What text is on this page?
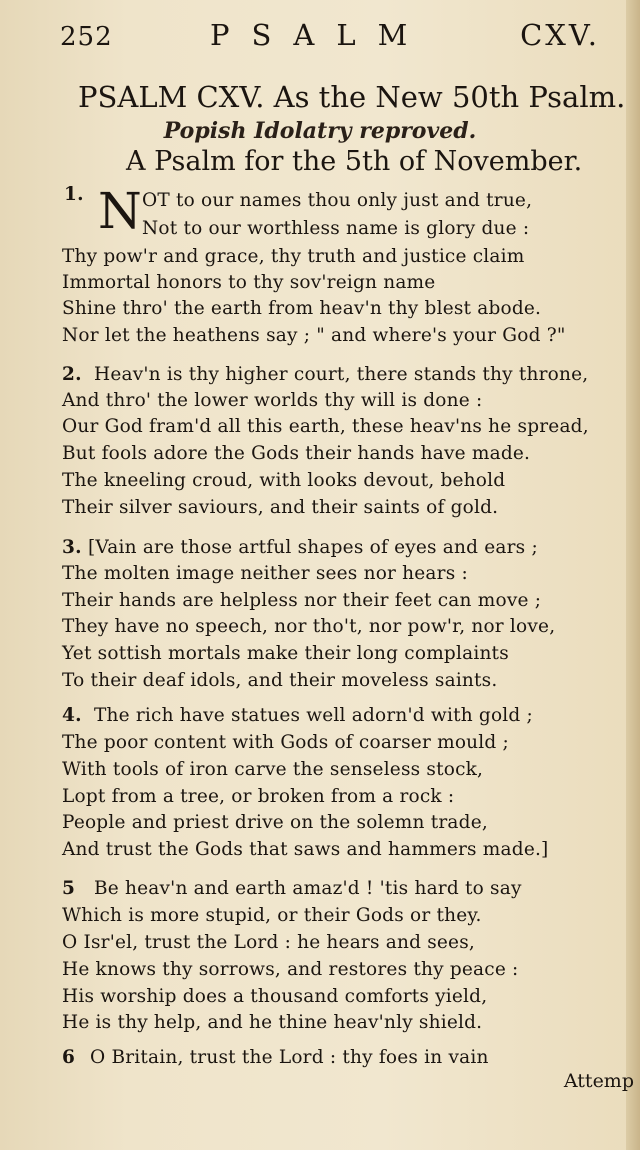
252	PSALM	CXV.
PSALM CXV. As the New 50th Psalm.
Popish Idolatry reproved.
A Psalm for the 5th of November.
1. N OT to our names thou only just and true,
Not to our worthless name is glory due :
Thy pow'r and grace, thy truth and justice claim
Immortal honors to thy sov'reign name
Shine thro' the earth from heav'n thy blest abode.
Nor let the heathens say ; " and where's your God ?"
2. Heav'n is thy higher court, there stands thy throne,
And thro' the lower worlds thy will is done :
Our God fram'd all this earth, these heav'ns he spread,
But fools adore the Gods their hands have made.
The kneeling croud, with looks devout, behold
Their silver saviours, and their saints of gold.
3. [Vain are those artful shapes of eyes and ears ;
The molten image neither sees nor hears :
Their hands are helpless nor their feet can move ;
They have no speech, nor tho't, nor pow'r, nor love,
Yet sottish mortals make their long complaints
To their deaf idols, and their moveless saints.
4. The rich have statues well adorn'd with gold ;
The poor content with Gods of coarser mould ;
With tools of iron carve the senseless stock,
Lopt from a tree, or broken from a rock :
People and priest drive on the solemn trade,
And trust the Gods that saws and hammers made.]
5 Be heav'n and earth amaz'd ! 'tis hard to say
Which is more stupid, or their Gods or they.
O Isr'el, trust the Lord : he hears and sees,
He knows thy sorrows, and restores thy peace :
His worship does a thousand comforts yield,
He is thy help, and he thine heav'nly shield.
6 O Britain, trust the Lord : thy foes in vain
Attemp
